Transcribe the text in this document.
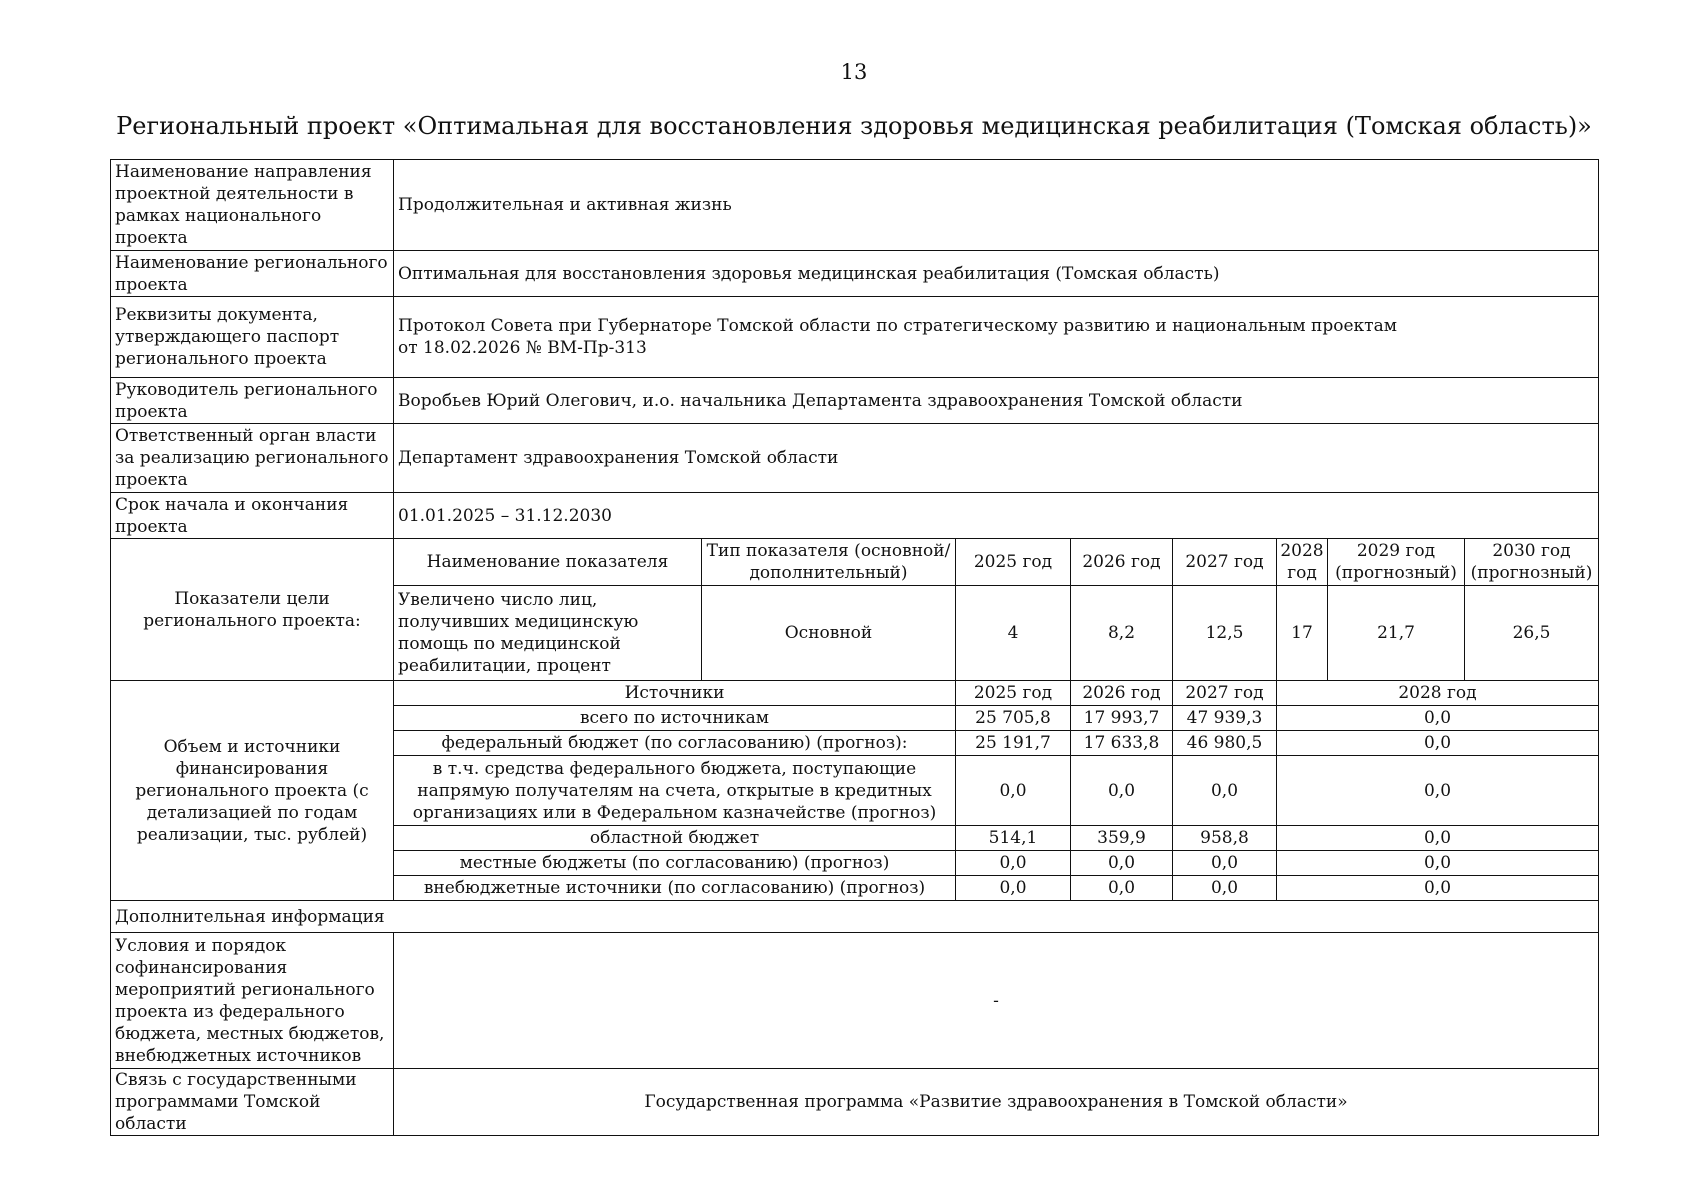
13
Региональный проект «Оптимальная для восстановления здоровья медицинская реабилитация (Томская область)»
Наименование направления проектной деятельности в рамках национального проекта	Продолжительная и активная жизнь							
Наименование регионального проекта	Оптимальная для восстановления здоровья медицинская реабилитация (Томская область)							
Реквизиты документа, утверждающего паспорт регионального проекта	Протокол Совета при Губернаторе Томской области по стратегическому развитию и национальным проектам
от 18.02.2026 № ВМ-Пр-313							

Руководитель регионального проекта	Воробьев Юрий Олегович, и.о. начальника Департамента здравоохранения Томской области							
Ответственный орган власти за реализацию регионального проекта	Департамент здравоохранения Томской области							
Срок начала и окончания проекта	01.01.2025 – 31.12.2030							
Показатели цели регионального проекта:	Наименование показателя	Тип показателя (основной/ дополнительный)	2025 год	2026 год	2027 год	2028 год	2029 год (прогнозный)	2030 год (прогнозный)
	Увеличено число лиц, получивших медицинскую помощь по медицинской реабилитации, процент	Основной	4	8,2	12,5	17	21,7	26,5
Объем и источники финансирования регионального проекта (с детализацией по годам реализации, тыс. рублей)	Источники		2025 год	2026 год	2027 год	2028 год		
	всего по источникам		25 705,8	17 993,7	47 939,3	0,0		
	федеральный бюджет (по согласованию) (прогноз):		25 191,7	17 633,8	46 980,5	0,0		
	в т.ч. средства федерального бюджета, поступающие напрямую получателям на счета, открытые в кредитных организациях или в Федеральном казначействе (прогноз)		0,0	0,0	0,0	0,0		
	областной бюджет		514,1	359,9	958,8	0,0		
	местные бюджеты (по согласованию) (прогноз)		0,0	0,0	0,0	0,0		
	внебюджетные источники (по согласованию) (прогноз)		0,0	0,0	0,0	0,0		
Дополнительная информация								
Условия и порядок софинансирования мероприятий регионального проекта из федерального бюджета, местных бюджетов, внебюджетных источников	-							
Связь с государственными программами Томской области	Государственная программа «Развитие здравоохранения в Томской области»							
